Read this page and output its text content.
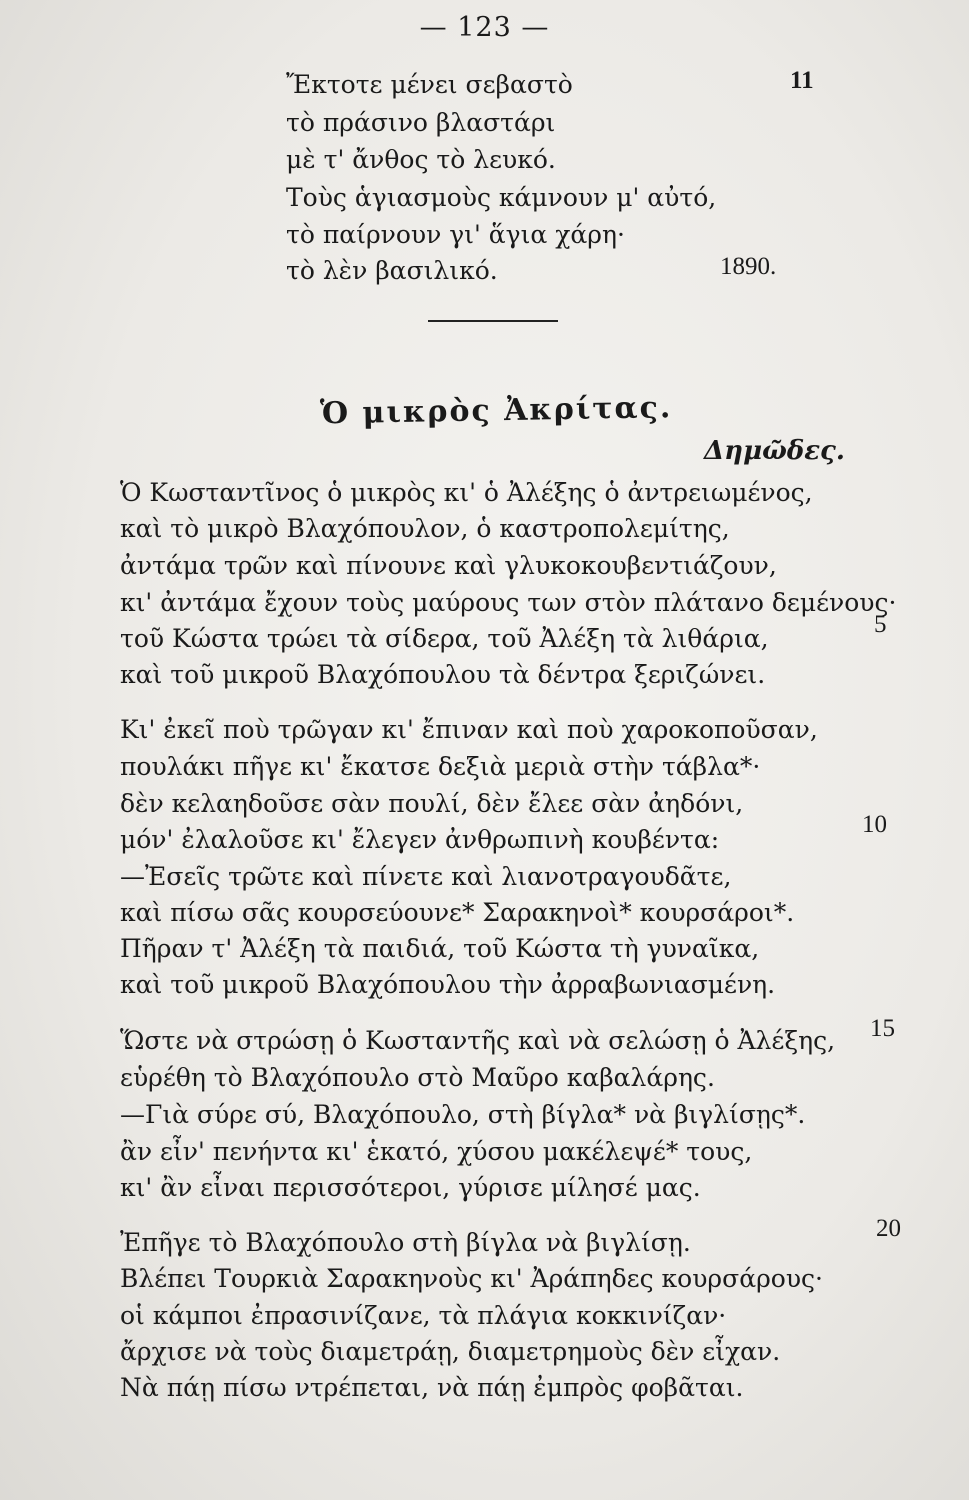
— 123 —
Ἔκτοτε μένει σεβαστὸ
τὸ πράσινο βλαστάρι
μὲ τ' ἄνθος τὸ λευκό.
Τοὺς ἁγιασμοὺς κάμνουν μ' αὐτό,
τὸ παίρνουν γι' ἅγια χάρη·
τὸ λὲν βασιλικό.
11
1890.
Ὁ μικρὸς Ἀκρίτας.
Δημῶδες.
Ὁ Κωσταντῖνος ὁ μικρὸς κι' ὁ Ἀλέξης ὁ ἀντρειωμένος,
καὶ τὸ μικρὸ Βλαχόπουλον, ὁ καστροπολεμίτης,
ἀντάμα τρῶν καὶ πίνουνε καὶ γλυκοκουβεντιάζουν,
κι' ἀντάμα ἔχουν τοὺς μαύρους των στὸν πλάτανο δεμένους·
τοῦ Κώστα τρώει τὰ σίδερα, τοῦ Ἀλέξη τὰ λιθάρια,
καὶ τοῦ μικροῦ Βλαχόπουλου τὰ δέντρα ξεριζώνει.
5
Κι' ἐκεῖ ποὺ τρῶγαν κι' ἔπιναν καὶ ποὺ χαροκοποῦσαν,
πουλάκι πῆγε κι' ἔκατσε δεξιὰ μεριὰ στὴν τάβλα*·
δὲν κελαηδοῦσε σὰν πουλί, δὲν ἔλεε σὰν ἀηδόνι,
μόν' ἐλαλοῦσε κι' ἔλεγεν ἀνθρωπινὴ κουβέντα:
—Ἐσεῖς τρῶτε καὶ πίνετε καὶ λιανοτραγουδᾶτε,
καὶ πίσω σᾶς κουρσεύουνε* Σαρακηνοὶ* κουρσάροι*.
Πῆραν τ' Ἀλέξη τὰ παιδιά, τοῦ Κώστα τὴ γυναῖκα,
καὶ τοῦ μικροῦ Βλαχόπουλου τὴν ἀρραβωνιασμένη.
10
Ὥστε νὰ στρώσῃ ὁ Κωσταντῆς καὶ νὰ σελώσῃ ὁ Ἀλέξης,
εὑρέθη τὸ Βλαχόπουλο στὸ Μαῦρο καβαλάρης.
—Γιὰ σύρε σύ, Βλαχόπουλο, στὴ βίγλα* νὰ βιγλίσῃς*.
ἂν εἶν' πενήντα κι' ἑκατό, χύσου μακέλεψέ* τους,
κι' ἂν εἶναι περισσότεροι, γύρισε μίλησέ μας.
15
Ἐπῆγε τὸ Βλαχόπουλο στὴ βίγλα νὰ βιγλίσῃ.
Βλέπει Τουρκιὰ Σαρακηνοὺς κι' Ἀράπηδες κουρσάρους·
οἱ κάμποι ἐπρασινίζανε, τὰ πλάγια κοκκινίζαν·
ἄρχισε νὰ τοὺς διαμετράῃ, διαμετρημοὺς δὲν εἶχαν.
Νὰ πάῃ πίσω ντρέπεται, νὰ πάῃ ἐμπρὸς φοβᾶται.
20
